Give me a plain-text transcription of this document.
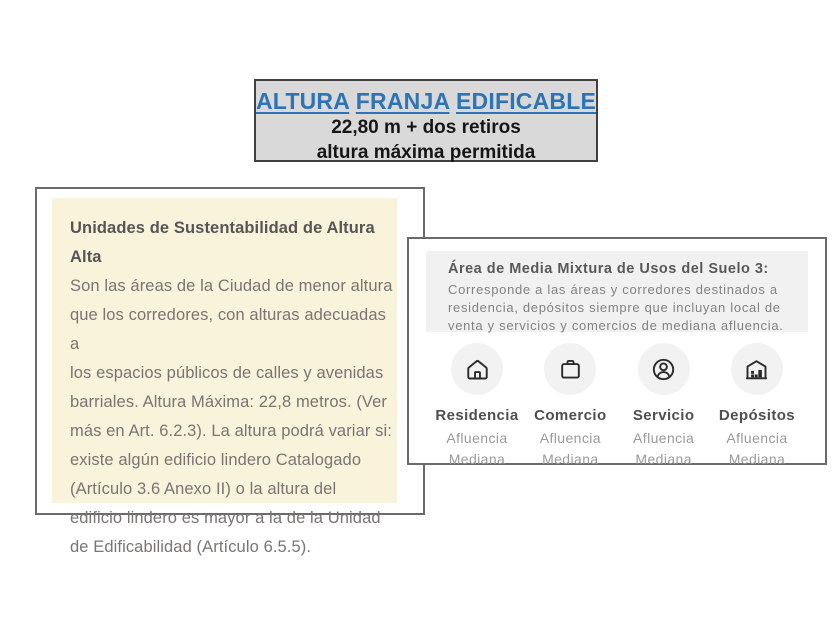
ALTURA FRANJA EDIFICABLE
22,80 m + dos retiros
altura máxima permitida
Unidades de Sustentabilidad de Altura Alta
Son las áreas de la Ciudad de menor altura
que los corredores, con alturas adecuadas a
los espacios públicos de calles y avenidas
barriales. Altura Máxima: 22,8 metros. (Ver
más en Art. 6.2.3). La altura podrá variar si:
existe algún edificio lindero Catalogado
(Artículo 3.6 Anexo II) o la altura del
edificio lindero es mayor a la de la Unidad
de Edificabilidad (Artículo 6.5.5).
Área de Media Mixtura de Usos del Suelo 3:
Corresponde a las áreas y corredores destinados a
residencia, depósitos siempre que incluyan local de
venta y servicios y comercios de mediana afluencia.
Residencia
Afluencia
Mediana
Comercio
Afluencia
Mediana
Servicio
Afluencia
Mediana
Depósitos
Afluencia
Mediana
